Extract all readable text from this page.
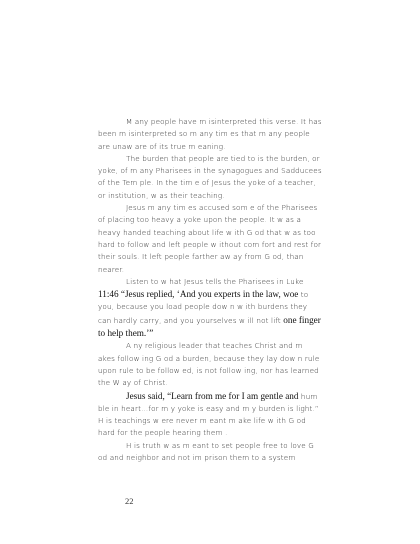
M any people have m isinterpreted this verse. It has been m isinterpreted so m any tim es that m any people are unaw are of its true m eaning.

The burden that people are tied to is the burden, or yoke, of m any Pharisees in the synagogues and Sadducees of the Tem ple. In the tim e of Jesus the yoke of a teacher, or institution, w as their teaching.

Jesus m any tim es accused som e of the Pharisees of placing too heavy a yoke upon the people. It w as a heavy handed teaching about life w ith G od that w as too hard to follow and left people w ithout com fort and rest for their souls. It left people farther aw ay from G od, than nearer.

Listen to w hat Jesus tells the Pharisees in Luke 11:46 “Jesus replied, ‘And you experts in the law, woe to you, because you load people dow n w ith burdens they can hardly carry, and you yourselves w ill not lift one finger to help them.’”

A ny religious leader that teaches Christ and m akes follow ing G od a burden, because they lay dow n rule upon rule to be follow ed, is not follow ing, nor has learned the W ay of Christ.

Jesus said, “Learn from me for I am gentle and hum ble in heart…for m y yoke is easy and m y burden is light.” H is teachings w ere never m eant m ake life w ith G od hard for the people hearing them .

H is truth w as m eant to set people free to love G od and neighbor and not im prison them to a system

22
